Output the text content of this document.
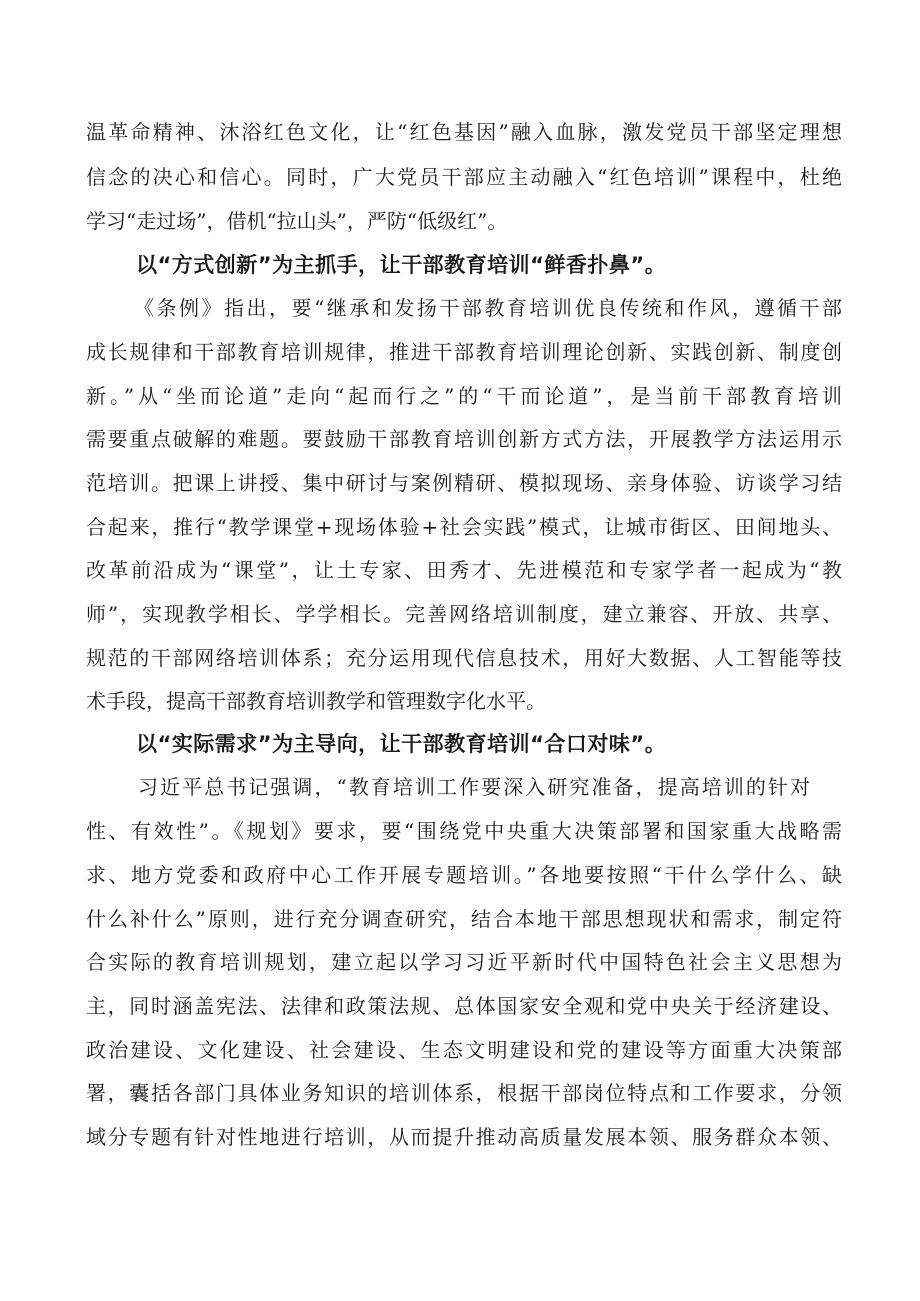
温革命精神、沐浴红色文化，让“红色基因”融入血脉，激发党员干部坚定理想
信念的决心和信心。同时，广大党员干部应主动融入“红色培训”课程中，杜绝
学习“走过场”，借机“拉山头”，严防“低级红”。
以“方式创新”为主抓手，让干部教育培训“鲜香扑鼻”。
《条例》指出，要“继承和发扬干部教育培训优良传统和作风，遵循干部
成长规律和干部教育培训规律，推进干部教育培训理论创新、实践创新、制度创
新。”从“坐而论道”走向“起而行之”的“干而论道”，是当前干部教育培训
需要重点破解的难题。要鼓励干部教育培训创新方式方法，开展教学方法运用示
范培训。把课上讲授、集中研讨与案例精研、模拟现场、亲身体验、访谈学习结
合起来，推行“教学课堂+现场体验+社会实践”模式，让城市街区、田间地头、
改革前沿成为“课堂”，让土专家、田秀才、先进模范和专家学者一起成为“教
师”，实现教学相长、学学相长。完善网络培训制度，建立兼容、开放、共享、
规范的干部网络培训体系；充分运用现代信息技术，用好大数据、人工智能等技
术手段，提高干部教育培训教学和管理数字化水平。
以“实际需求”为主导向，让干部教育培训“合口对味”。
习近平总书记强调，“教育培训工作要深入研究准备，提高培训的针对
性、有效性”。《规划》要求，要“围绕党中央重大决策部署和国家重大战略需
求、地方党委和政府中心工作开展专题培训。”各地要按照“干什么学什么、缺
什么补什么”原则，进行充分调查研究，结合本地干部思想现状和需求，制定符
合实际的教育培训规划，建立起以学习习近平新时代中国特色社会主义思想为
主，同时涵盖宪法、法律和政策法规、总体国家安全观和党中央关于经济建设、
政治建设、文化建设、社会建设、生态文明建设和党的建设等方面重大决策部
署，囊括各部门具体业务知识的培训体系，根据干部岗位特点和工作要求，分领
域分专题有针对性地进行培训，从而提升推动高质量发展本领、服务群众本领、
